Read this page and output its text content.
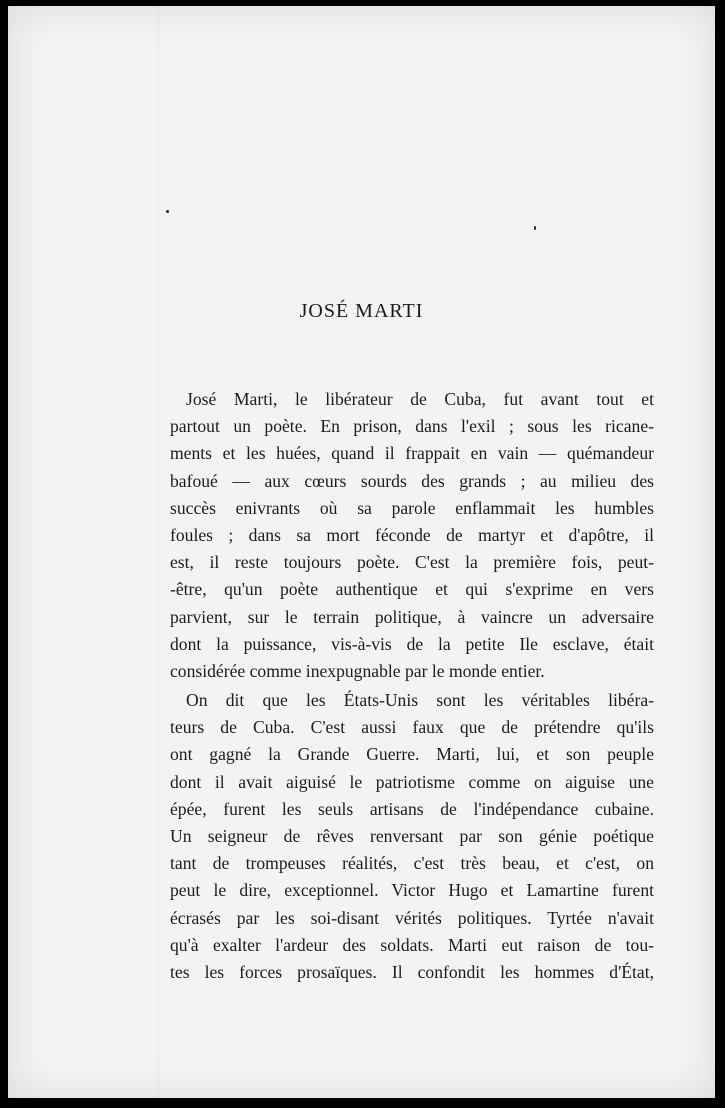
JOSÉ MARTI
José Marti, le libérateur de Cuba, fut avant tout et
partout un poète. En prison, dans l'exil ; sous les ricane-
ments et les huées, quand il frappait en vain — quémandeur
bafoué — aux cœurs sourds des grands ; au milieu des
succès enivrants où sa parole enflammait les humbles
foules ; dans sa mort féconde de martyr et d'apôtre, il
est, il reste toujours poète. C'est la première fois, peut-
-être, qu'un poète authentique et qui s'exprime en vers
parvient, sur le terrain politique, à vaincre un adversaire
dont la puissance, vis-à-vis de la petite Ile esclave, était
considérée comme inexpugnable par le monde entier.
On dit que les États-Unis sont les véritables libéra-
teurs de Cuba. C'est aussi faux que de prétendre qu'ils
ont gagné la Grande Guerre. Marti, lui, et son peuple
dont il avait aiguisé le patriotisme comme on aiguise une
épée, furent les seuls artisans de l'indépendance cubaine.
Un seigneur de rêves renversant par son génie poétique
tant de trompeuses réalités, c'est très beau, et c'est, on
peut le dire, exceptionnel. Victor Hugo et Lamartine furent
écrasés par les soi-disant vérités politiques. Tyrtée n'avait
qu'à exalter l'ardeur des soldats. Marti eut raison de tou-
tes les forces prosaïques. Il confondit les hommes d'État,
